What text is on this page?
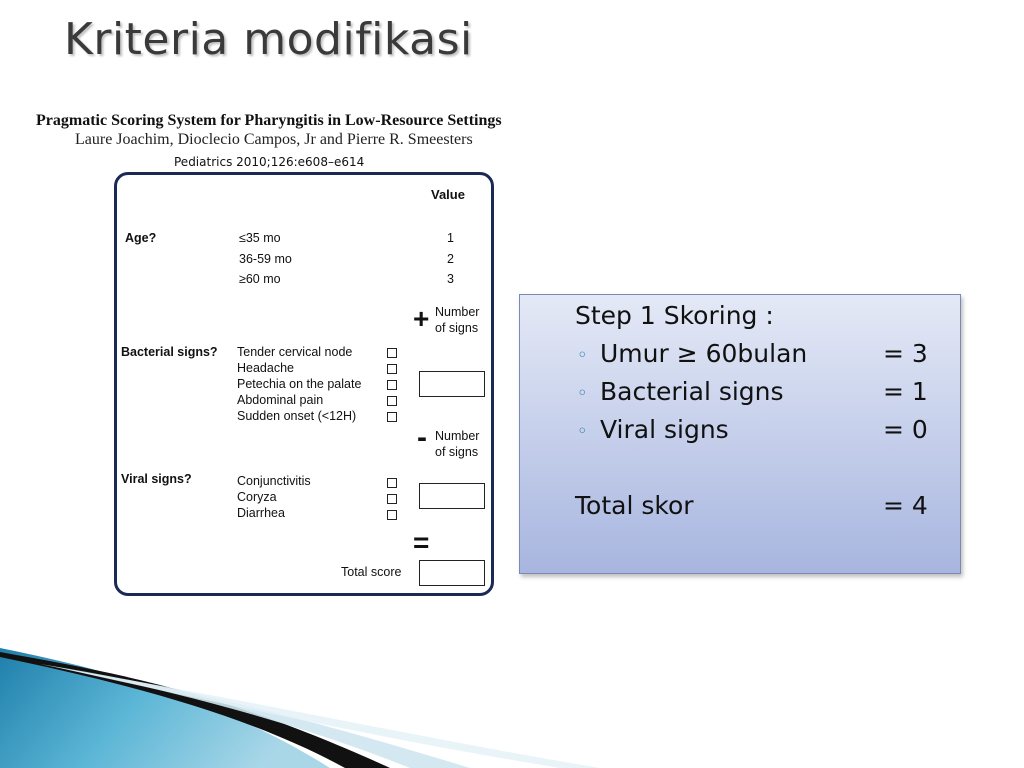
Kriteria modifikasi
Pragmatic Scoring System for Pharyngitis in Low-Resource Settings
Laure Joachim, Dioclecio Campos, Jr and Pierre R. Smeesters
Pediatrics 2010;126:e608–e614
Value
Age?	≤35 mo	1
36-59 mo	2
≥60 mo	3
+ Number
of signs
Bacterial signs? Tender cervical node
Headache
Petechia on the palate
Abdominal pain
Sudden onset (<12H)
- Number
of signs
Viral signs?	Conjunctivitis
Coryza
Diarrhea
=
Total score
Step 1 Skoring :
◦ Umur ≥ 60bulan	= 3
◦ Bacterial signs	= 1
◦ Viral signs	= 0
Total skor	= 4
